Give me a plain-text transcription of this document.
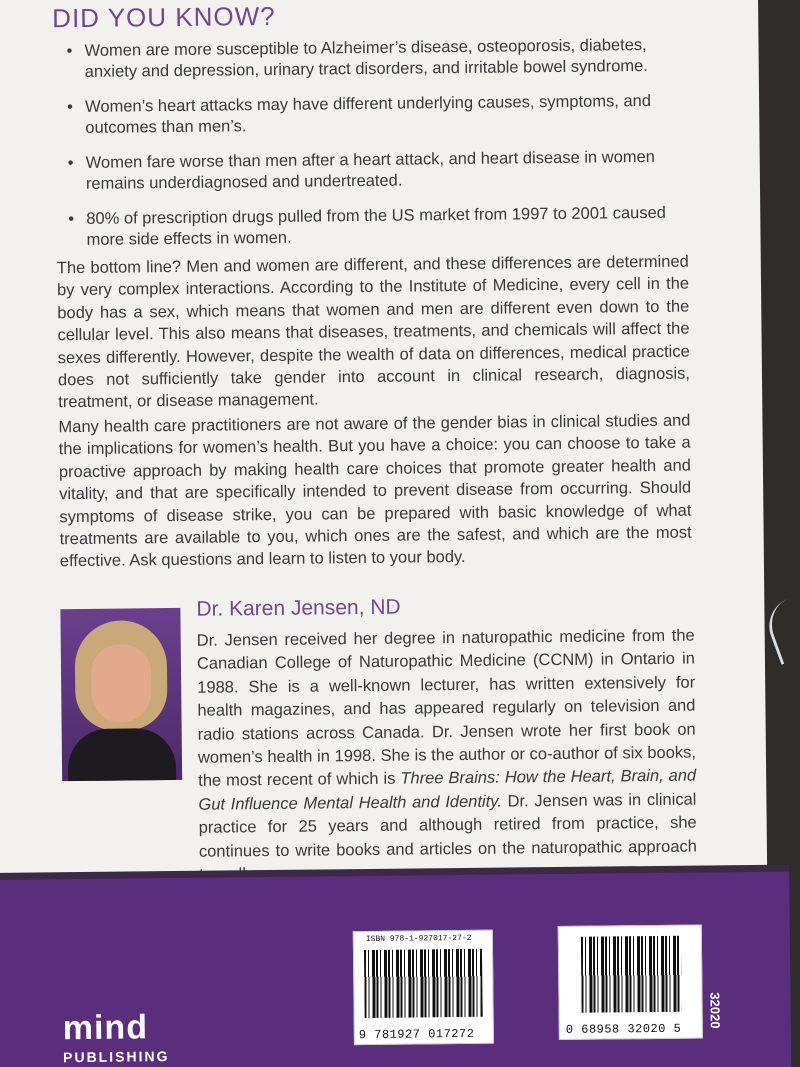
DID YOU KNOW?
• Women are more susceptible to Alzheimer’s disease, osteoporosis, diabetes, anxiety and depression, urinary tract disorders, and irritable bowel syndrome.
• Women’s heart attacks may have different underlying causes, symptoms, and outcomes than men’s.
• Women fare worse than men after a heart attack, and heart disease in women remains underdiagnosed and undertreated.
• 80% of prescription drugs pulled from the US market from 1997 to 2001 caused more side effects in women.

The bottom line? Men and women are different, and these differences are determined by very complex interactions. According to the Institute of Medicine, every cell in the body has a sex, which means that women and men are different even down to the cellular level. This also means that diseases, treatments, and chemicals will affect the sexes differently. However, despite the wealth of data on differences, medical practice does not sufficiently take gender into account in clinical research, diagnosis, treatment, or disease management.

Many health care practitioners are not aware of the gender bias in clinical studies and the implications for women’s health. But you have a choice: you can choose to take a proactive approach by making health care choices that promote greater health and vitality, and that are specifically intended to prevent disease from occurring. Should symptoms of disease strike, you can be prepared with basic knowledge of what treatments are available to you, which ones are the safest, and which are the most effective. Ask questions and learn to listen to your body.

Dr. Karen Jensen, ND

Dr. Jensen received her degree in naturopathic medicine from the Canadian College of Naturopathic Medicine (CCNM) in Ontario in 1988. She is a well-known lecturer, has written extensively for health magazines, and has appeared regularly on television and radio stations across Canada. Dr. Jensen wrote her first book on women’s health in 1998. She is the author or co-author of six books, the most recent of which is Three Brains: How the Heart, Brain, and Gut Influence Mental Health and Identity. Dr. Jensen was in clinical practice for 25 years and although retired from practice, she continues to write books and articles on the naturopathic approach

mind
PUBLISHING
ISBN 978-1-927017-27-2
9 781927 017272	0 68958 32020 5
32020
